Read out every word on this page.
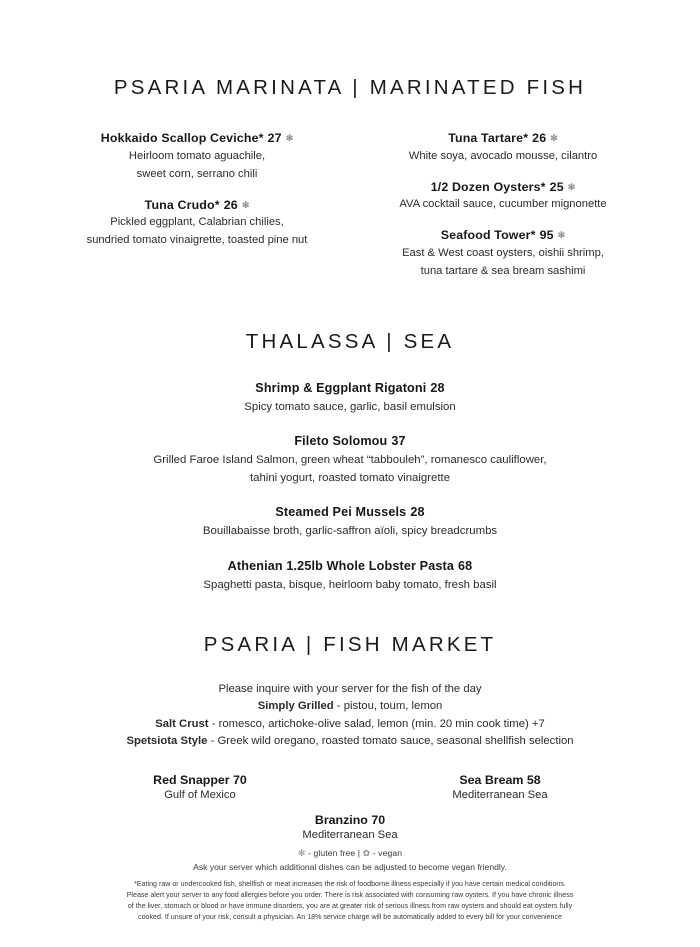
PSARIA MARINATA | MARINATED FISH
Hokkaido Scallop Ceviche* 27 ✻
Heirloom tomato aguachile,
sweet corn, serrano chili
Tuna Crudo* 26 ✻
Pickled eggplant, Calabrian chilies,
sundried tomato vinaigrette, toasted pine nut
Tuna Tartare* 26 ✻
White soya, avocado mousse, cilantro
1/2 Dozen Oysters* 25 ✻
AVA cocktail sauce, cucumber mignonette
Seafood Tower* 95 ✻
East & West coast oysters, oishii shrimp,
tuna tartare & sea bream sashimi
THALASSA | SEA
Shrimp & Eggplant Rigatoni 28
Spicy tomato sauce, garlic, basil emulsion
Fileto Solomou 37
Grilled Faroe Island Salmon, green wheat “tabbouleh”, romanesco cauliflower,
tahini yogurt, roasted tomato vinaigrette
Steamed Pei Mussels 28
Bouillabaisse broth, garlic-saffron aïoli, spicy breadcrumbs
Athenian 1.25lb Whole Lobster Pasta 68
Spaghetti pasta, bisque, heirloom baby tomato, fresh basil
PSARIA | FISH MARKET
Please inquire with your server for the fish of the day
Simply Grilled - pistou, toum, lemon
Salt Crust - romesco, artichoke-olive salad, lemon (min. 20 min cook time) +7
Spetsiota Style - Greek wild oregano, roasted tomato sauce, seasonal shellfish selection
Red Snapper 70
Gulf of Mexico
Sea Bream 58
Mediterranean Sea
Branzino 70
Mediterranean Sea
✻ - gluten free | ✿ - vegan
Ask your server which additional dishes can be adjusted to become vegan friendly.
*Eating raw or undercooked fish, shellfish or meat increases the risk of foodborne illness especially if you have certain medical conditions.
Please alert your server to any food allergies before you order. There is risk associated with consuming raw oysters. If you have chronic illness
of the liver, stomach or blood or have immune disorders, you are at greater risk of serious illness from raw oysters and should eat oysters fully
cooked. If unsure of your risk, consult a physician. An 18% service charge will be automatically added to every bill for your convenience
